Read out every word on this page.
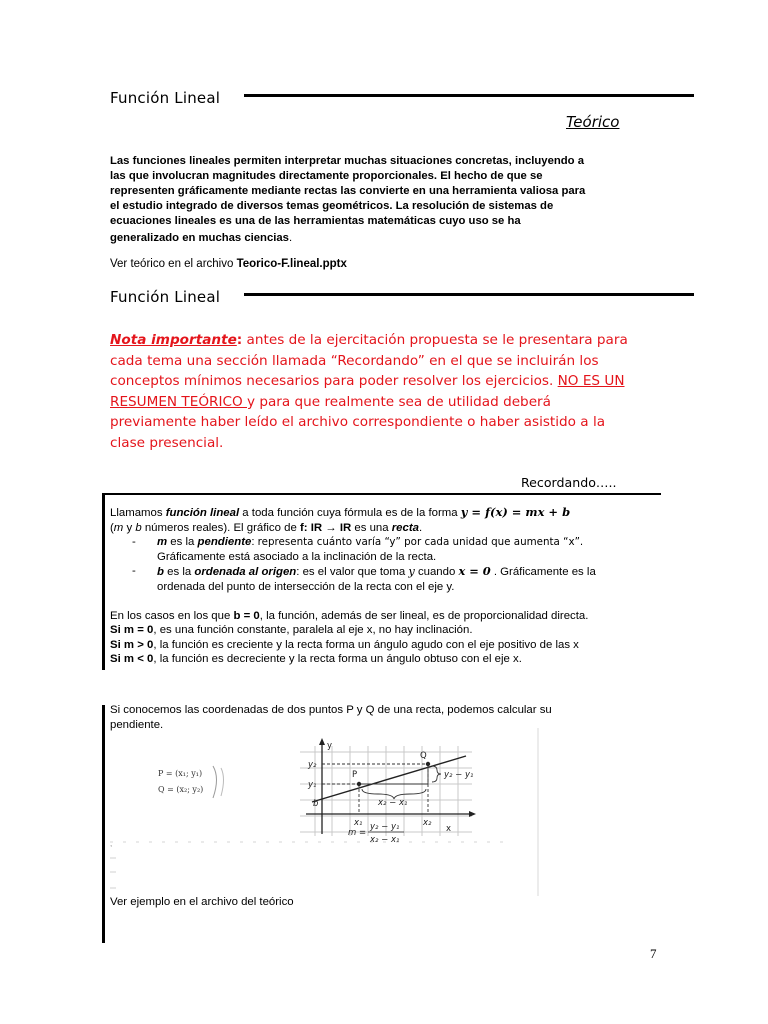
Función Lineal
Teórico
Las funciones lineales permiten interpretar muchas situaciones concretas, incluyendo a
las que involucran magnitudes directamente proporcionales. El hecho de que se
representen gráficamente mediante rectas las convierte en una herramienta valiosa para
el estudio integrado de diversos temas geométricos. La resolución de sistemas de
ecuaciones lineales es una de las herramientas matemáticas cuyo uso se ha
generalizado en muchas ciencias.
Ver teórico en el archivo Teorico-F.lineal.pptx
Función Lineal
Nota importante: antes de la ejercitación propuesta se le presentara para
cada tema una sección llamada “Recordando” en el que se incluirán los
conceptos mínimos necesarios para poder resolver los ejercicios. NO ES UN
RESUMEN TEÓRICO y para que realmente sea de utilidad deberá
previamente haber leído el archivo correspondiente o haber asistido a la
clase presencial.
Recordando…..
Llamamos función lineal a toda función cuya fórmula es de la forma y = f(x) = mx + b
(m y b números reales). El gráfico de f: IR → IR es una recta.
- m es la pendiente: representa cuánto varía “y” por cada unidad que aumenta “x”.
Gráficamente está asociado a la inclinación de la recta.
- b es la ordenada al origen: es el valor que toma y cuando x = 0 . Gráficamente es la
ordenada del punto de intersección de la recta con el eje y.
En los casos en los que b = 0, la función, además de ser lineal, es de proporcionalidad directa.
Si m = 0, es una función constante, paralela al eje x, no hay inclinación.
Si m > 0, la función es creciente y la recta forma un ángulo agudo con el eje positivo de las x
Si m < 0, la función es decreciente y la recta forma un ángulo obtuso con el eje x.
Si conocemos las coordenadas de dos puntos P y Q de una recta, podemos calcular su
pendiente.
P = (x₁; y₁)
Q = (x₂; y₂)
y
x
P
Q
b
y₂
y₁
x₁	x₂
y₂ − y₁
x₂ − x₁
m =
y₂ − y₁
x₂ − x₁
,
Ver ejemplo en el archivo del teórico
7
